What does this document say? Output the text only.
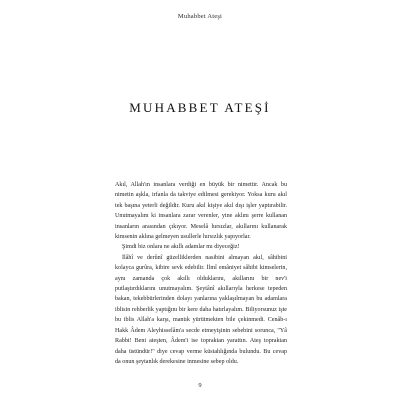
Muhabbet Ateşi
MUHABBET ATEŞİ

Akıl, Allah'ın insanlara verdiği en büyük bir nimettir. Ancak bu nimetin aşkla, irfanla da takviye edilmesi gerekiyor. Yoksa kuru akıl tek başına yeterli değildir. Kuru akıl kişiye akıl dışı işler yaptırabilir. Unutmayalım ki insanlara zarar verenler, yine aklını şerre kullanan insanların arasından çıkıyor. Meselâ hırsızlar, akıllarını kullanarak kimsenin aklına gelmeyen usullerle hırsızlık yapıyorlar.

Şimdi biz onlara ne akıllı adamlar mı diyeceğiz!

İlâhî ve derûnî güzelliklerden nasibini almayan akıl, sâhibini kolayca gurûra, kibire sevk edebilir. İlmî emâniyet sâhibi kimselerin, aynı zamanda çok akıllı olduklarını, akıllarını bir nev'i putlaştırdıklarını unutmayalım. Şeytânî akıllarıyla herkese tepeden bakan, tekebbürlerinden dolayı yanlarına yaklaşılmayan bu adamlara iblisin rehberlik yaptığını bir kere daha hatırlayalım. Biliyorsunuz işte bu iblis Allah'a karşı, mantık yürütmekten bile çekinmedi. Cenâb-ı Hakk Âdem Aleyhisselâm'a secde etmeyişinin sebebini sorunca, "Yâ Rabbi! Beni ateşten, Âdem'i ise topraktan yarattın. Ateş topraktan daha üstündür!" diye cevap verme küstahlığında bulundu. Bu cevap da onun şeytanlık derekesine inmesine sebep oldu.

9
